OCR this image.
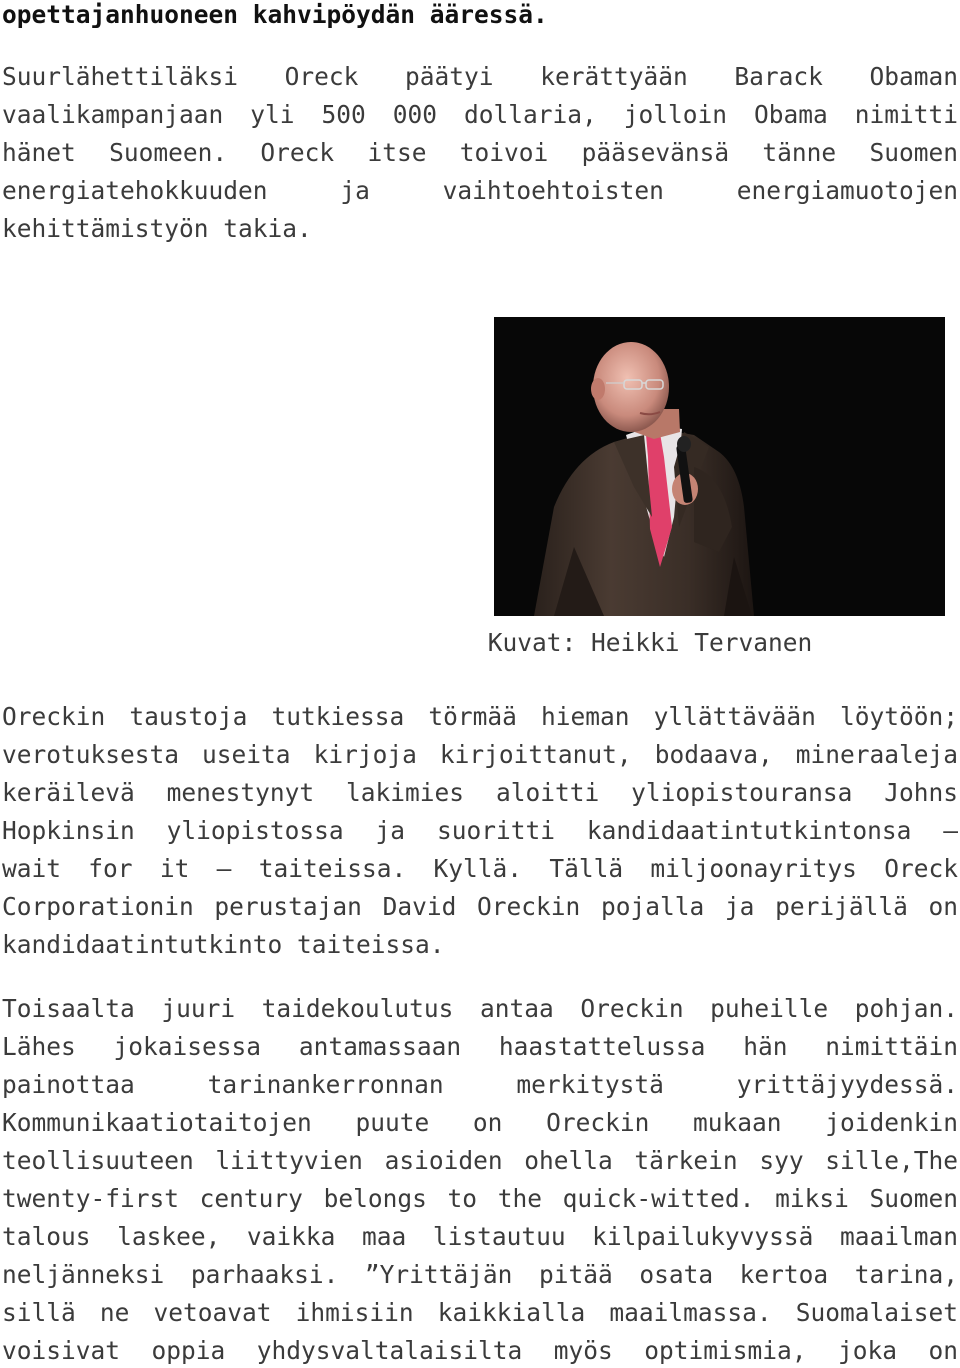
opettajanhuoneen kahvipöydän ääressä.
Suurlähettiläksi Oreck päätyi kerättyään Barack Obaman
vaalikampanjaan yli 500 000 dollaria, jolloin Obama nimitti
hänet Suomeen. Oreck itse toivoi pääsevänsä tänne Suomen
energiatehokkuuden ja vaihtoehtoisten energiamuotojen
kehittämistyön takia.
Kuvat: Heikki Tervanen
Oreckin taustoja tutkiessa törmää hieman yllättävään löytöön;
verotuksesta useita kirjoja kirjoittanut, bodaava, mineraaleja
keräilevä menestynyt lakimies aloitti yliopistouransa Johns
Hopkinsin yliopistossa ja suoritti kandidaatintutkintonsa –
wait for it – taiteissa. Kyllä. Tällä miljoonayritys Oreck
Corporationin perustajan David Oreckin pojalla ja perijällä on
kandidaatintutkinto taiteissa.
Toisaalta juuri taidekoulutus antaa Oreckin puheille pohjan.
Lähes jokaisessa antamassaan haastattelussa hän nimittäin
painottaa tarinankerronnan merkitystä yrittäjyydessä.
Kommunikaatiotaitojen puute on Oreckin mukaan joidenkin
teollisuuteen liittyvien asioiden ohella tärkein syy sille,The
twenty-first century belongs to the quick-witted. miksi Suomen
talous laskee, vaikka maa listautuu kilpailukyvyssä maailman
neljänneksi parhaaksi. ”Yrittäjän pitää osata kertoa tarina,
sillä ne vetoavat ihmisiin kaikkialla maailmassa. Suomalaiset
voisivat oppia yhdysvaltalaisilta myös optimismia, joka on
